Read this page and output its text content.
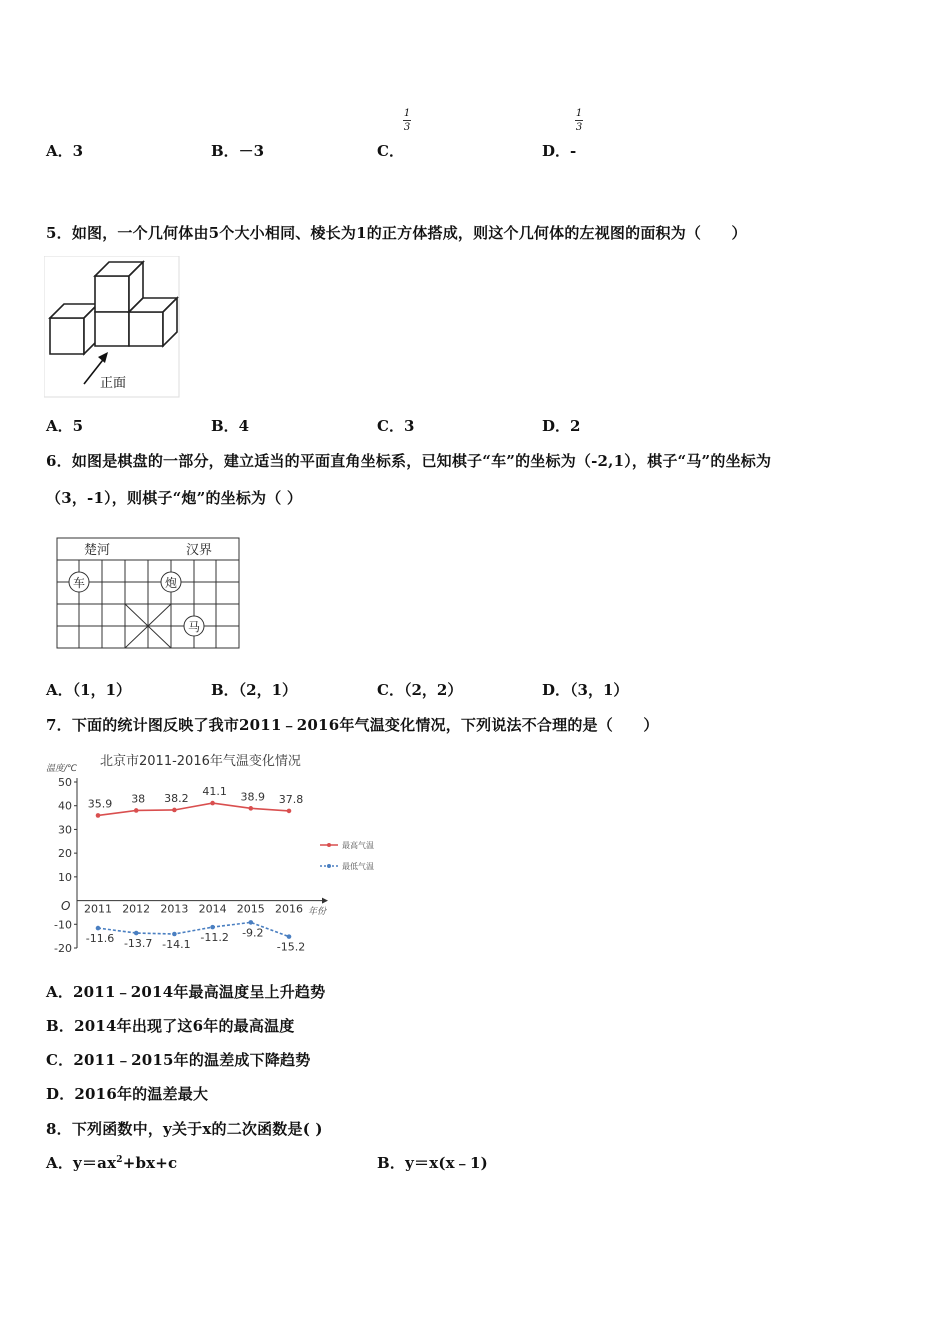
A．3	B．－3	C．
1
3
D．-
1
3
5．如图，一个几何体由5个大小相同、棱长为1的正方体搭成，则这个几何体的左视图的面积为（　　）
正面
A．5	B．4	C．3	D．2
6．如图是棋盘的一部分，建立适当的平面直角坐标系，已知棋子“车”的坐标为（-2,1），棋子“马”的坐标为
（3，-1），则棋子“炮”的坐标为（ ）
楚河	汉界
车	炮
马
A．（1，1）	B．（2，1）	C．（2，2）	D．（3，1）
7．下面的统计图反映了我市2011﹣2016年气温变化情况，下列说法不合理的是（　　）
北京市2011-2016年气温变化情况
温度/℃
年份
O
50
40
30
20
10
-10
-20
2011 2012 2013 2014 2015 2016
35.9 38 38.2
41.1 38.9 37.8
-11.6 -13.7 -14.1
-11.2 -9.2
-15.2
最高气温
最低气温
A．2011﹣2014年最高温度呈上升趋势
B．2014年出现了这6年的最高温度
C．2011﹣2015年的温差成下降趋势
D．2016年的温差最大
8．下列函数中，y关于x的二次函数是( )
A．$y=ax^2+bx+c$	B．y＝x(x﹣1)
